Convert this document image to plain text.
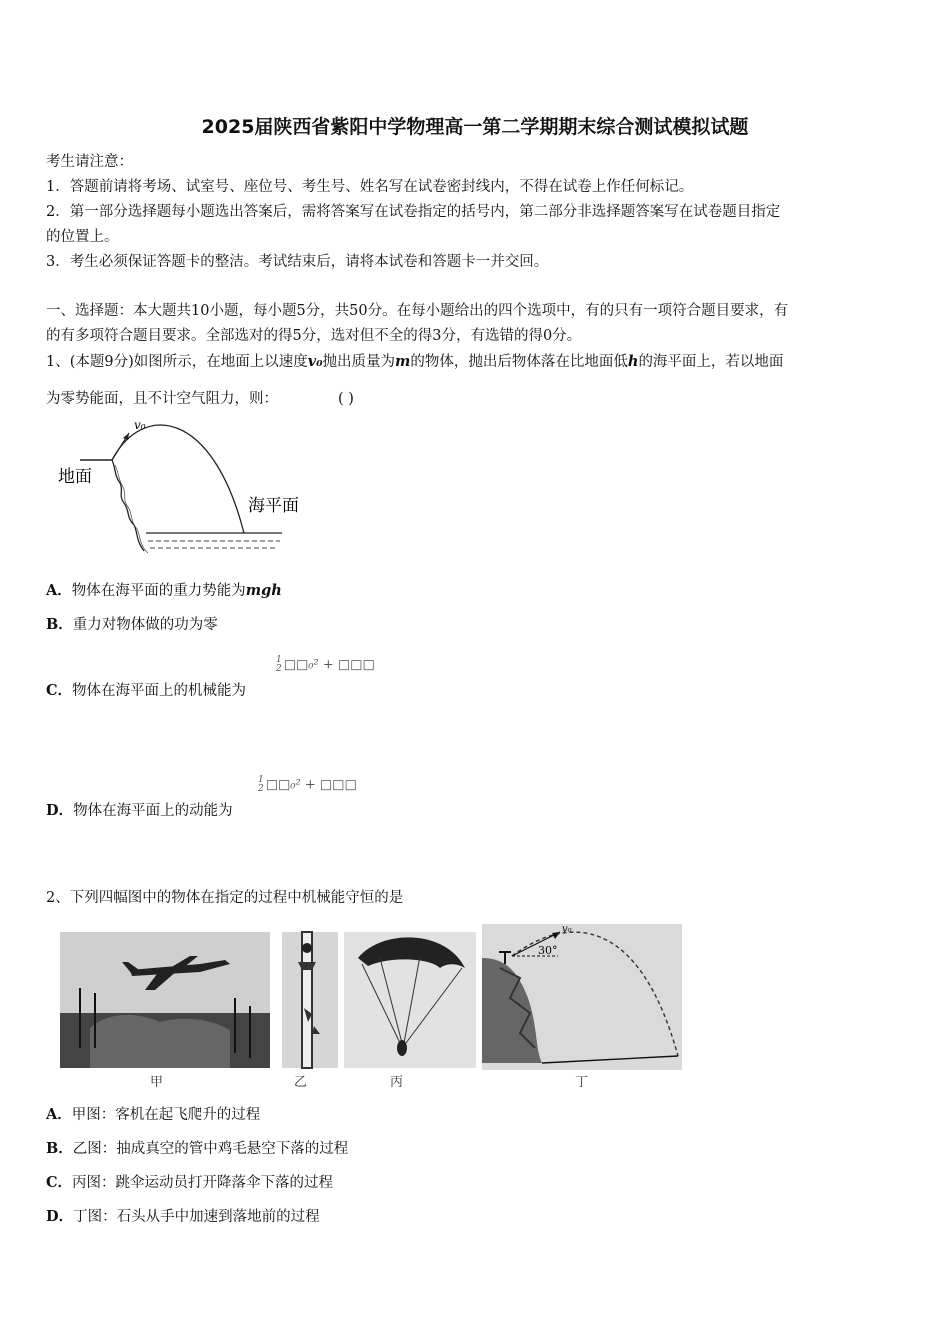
2025届陕西省紫阳中学物理高一第二学期期末综合测试模拟试题
考生请注意：
1．答题前请将考场、试室号、座位号、考生号、姓名写在试卷密封线内，不得在试卷上作任何标记。
2．第一部分选择题每小题选出答案后，需将答案写在试卷指定的括号内，第二部分非选择题答案写在试卷题目指定
的位置上。
3．考生必须保证答题卡的整洁。考试结束后，请将本试卷和答题卡一并交回。
一、选择题：本大题共10小题，每小题5分，共50分。在每小题给出的四个选项中，有的只有一项符合题目要求，有
的有多项符合题目要求。全部选对的得5分，选对但不全的得3分，有选错的得0分。
1、(本题9分)如图所示，在地面上以速度v₀抛出质量为m的物体，抛出后物体落在比地面低h的海平面上，若以地面
为零势能面，且不计空气阻力，则：	( )
v₀
地面
海平面
A．物体在海平面的重力势能为mgh
B．重力对物体做的功为零
1
2 □□₀² + □□□
C．物体在海平面上的机械能为
1
2 □□₀² + □□□
D．物体在海平面上的动能为
2、下列四幅图中的物体在指定的过程中机械能守恒的是
30°
v₀
甲	乙	丙	丁
A．甲图：客机在起飞爬升的过程
B．乙图：抽成真空的管中鸡毛悬空下落的过程
C．丙图：跳伞运动员打开降落伞下落的过程
D．丁图：石头从手中加速到落地前的过程
